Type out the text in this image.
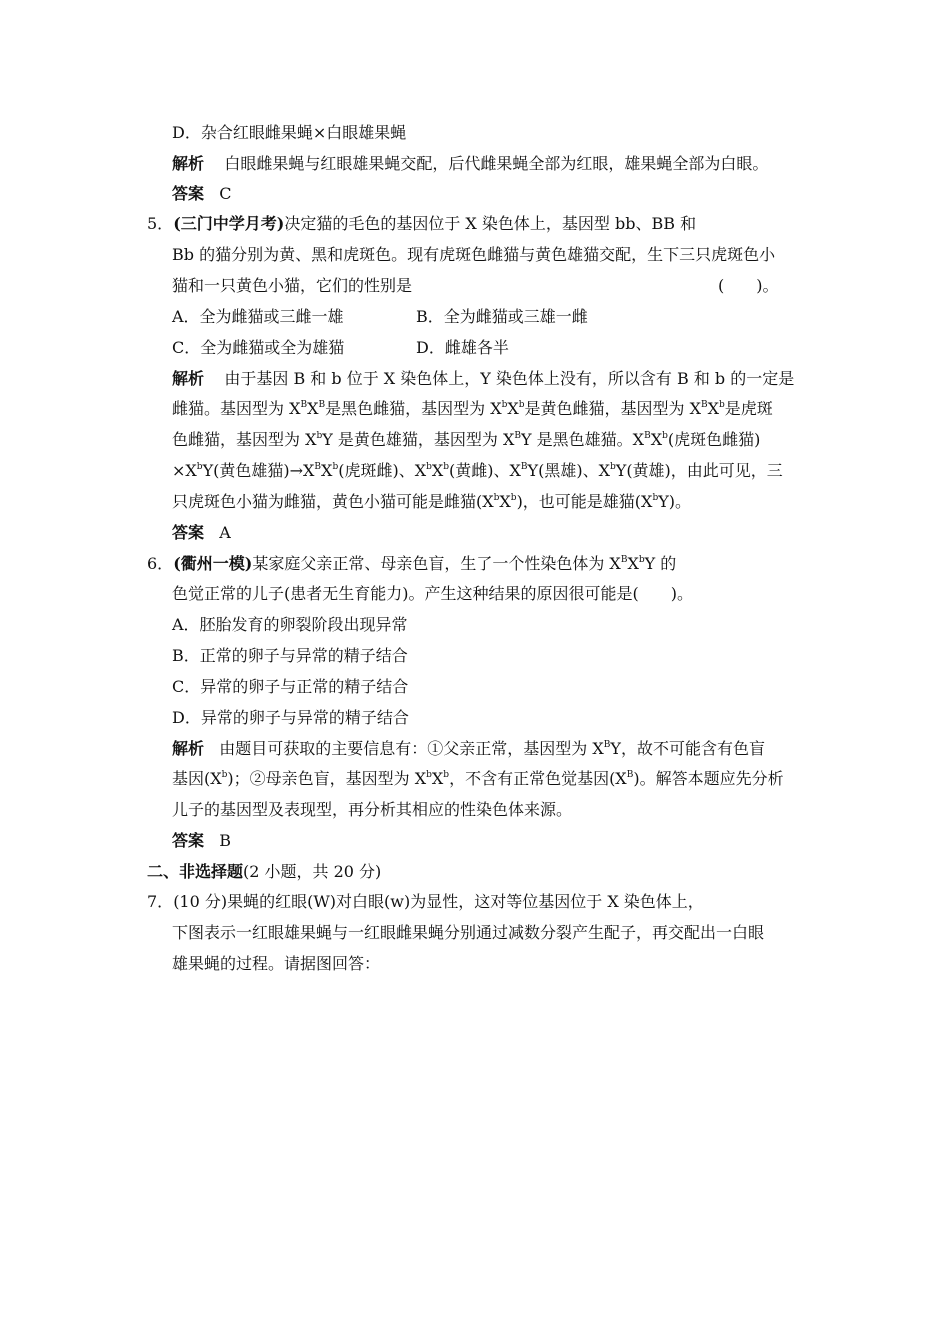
D．杂合红眼雌果蝇×白眼雄果蝇
解析 白眼雌果蝇与红眼雄果蝇交配，后代雌果蝇全部为红眼，雄果蝇全部为白眼。
答案 C
5．(三门中学月考)决定猫的毛色的基因位于 X 染色体上，基因型 bb、BB 和
Bb 的猫分别为黄、黑和虎斑色。现有虎斑色雌猫与黄色雄猫交配，生下三只虎斑色小
猫和一只黄色小猫，它们的性别是	(　　)。
A．全为雌猫或三雌一雄	B．全为雌猫或三雄一雌
C．全为雌猫或全为雄猫	D．雌雄各半
解析 由于基因 B 和 b 位于 X 染色体上，Y 染色体上没有，所以含有 B 和 b 的一定是
雌猫。基因型为 $X^BX^B$是黑色雌猫，基因型为 $X^bX^b$是黄色雌猫，基因型为 $X^BX^b$是虎斑
色雌猫，基因型为 $X^bY$ 是黄色雄猫，基因型为 $X^BY$ 是黑色雄猫。$X^BX^b$(虎斑色雌猫)
$\times X^bY$(黄色雄猫)$\to X^BX^b$(虎斑雌)、$X^bX^b$(黄雌)、$X^BY$(黑雄)、$X^bY$(黄雄)，由此可见，三
只虎斑色小猫为雌猫，黄色小猫可能是雌猫$(X^bX^b)$，也可能是雄猫$(X^bY)$。
答案 A
6．(衢州一模)某家庭父亲正常、母亲色盲，生了一个性染色体为 $X^BX^bY$ 的
色觉正常的儿子(患者无生育能力)。产生这种结果的原因很可能是(　　)。
A．胚胎发育的卵裂阶段出现异常
B．正常的卵子与异常的精子结合
C．异常的卵子与正常的精子结合
D．异常的卵子与异常的精子结合
解析 由题目可获取的主要信息有：①父亲正常，基因型为 $X^BY$，故不可能含有色盲
基因$(X^b)$；②母亲色盲，基因型为 $X^bX^b$，不含有正常色觉基因$(X^B)$。解答本题应先分析
儿子的基因型及表现型，再分析其相应的性染色体来源。
答案 B
二、非选择题(2 小题，共 20 分)
7．(10 分)果蝇的红眼(W)对白眼(w)为显性，这对等位基因位于 X 染色体上，
下图表示一红眼雄果蝇与一红眼雌果蝇分别通过减数分裂产生配子，再交配出一白眼
雄果蝇的过程。请据图回答：
